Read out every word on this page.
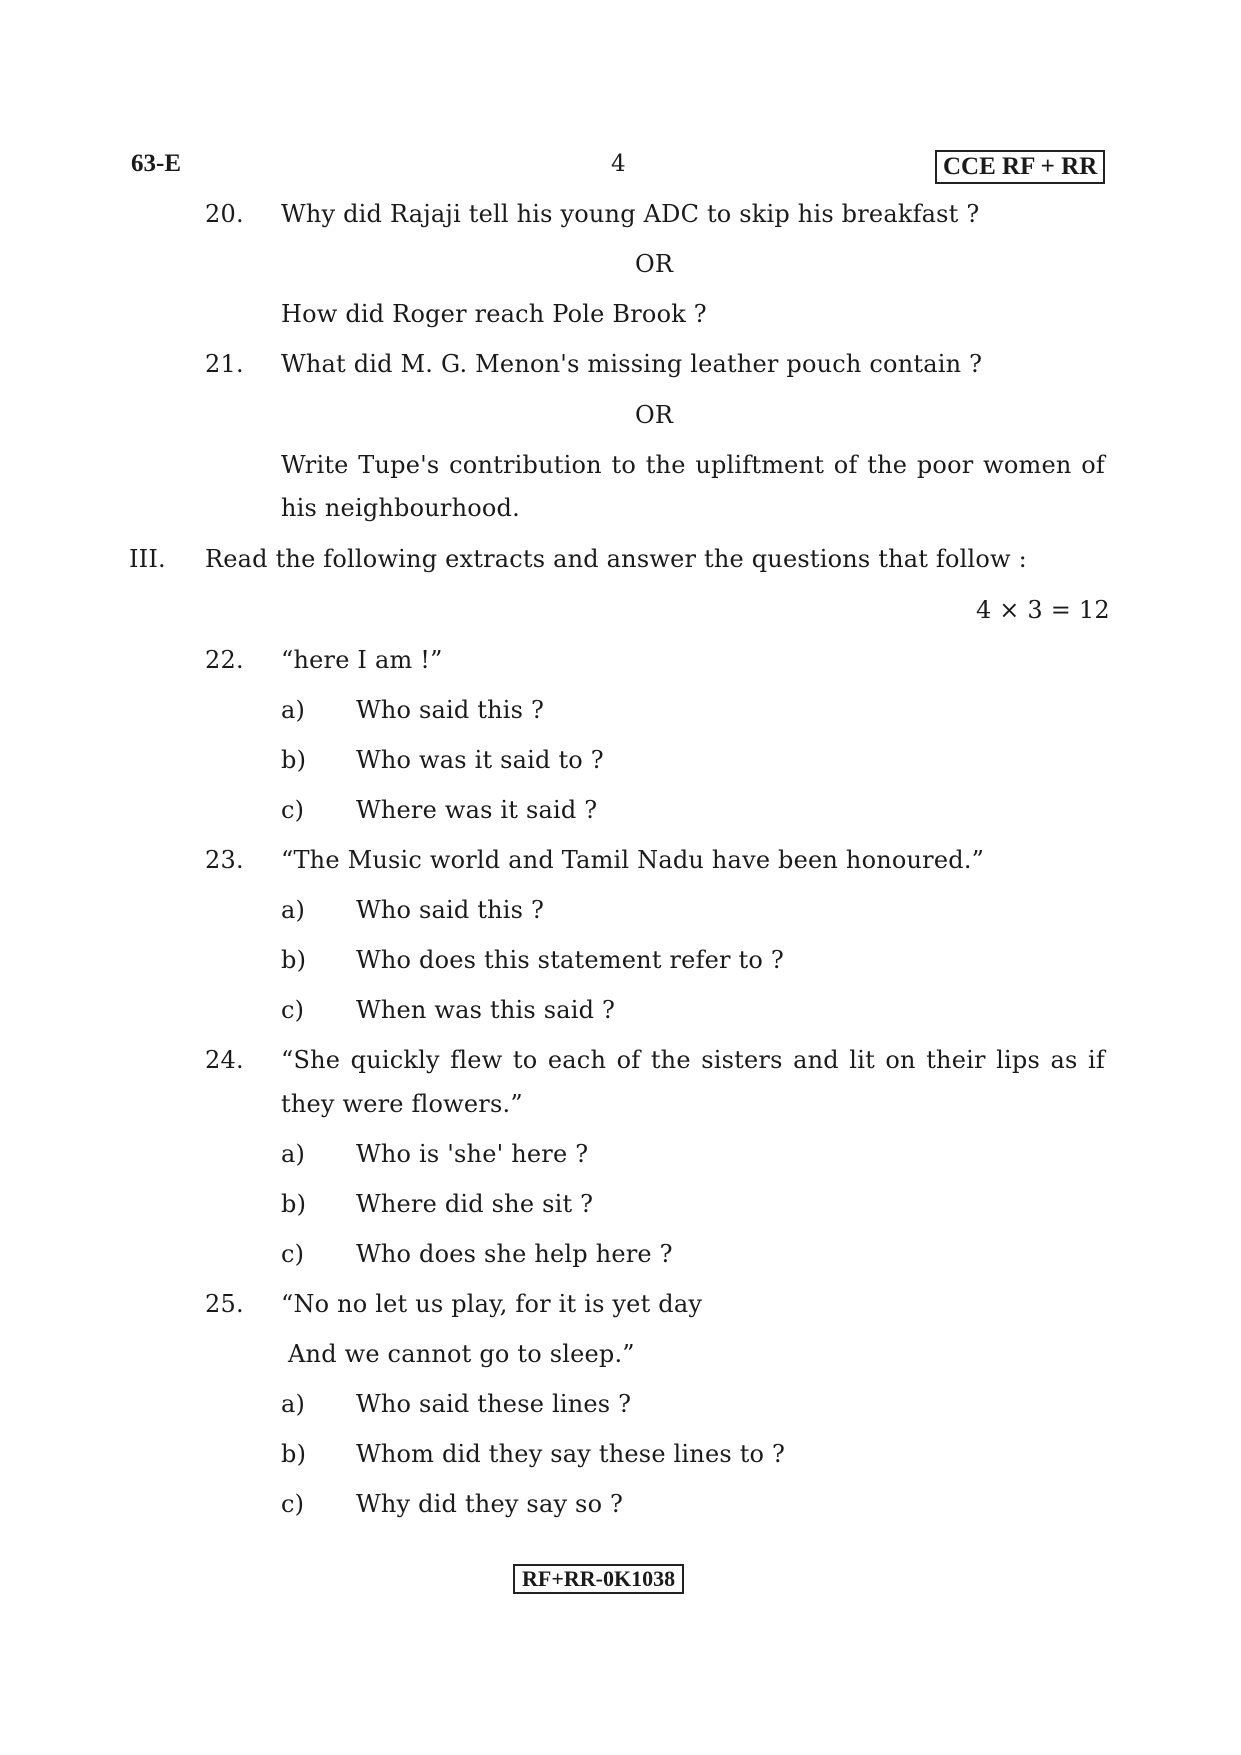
63-E	4	CCE RF + RR
20. Why did Rajaji tell his young ADC to skip his breakfast ?
OR
How did Roger reach Pole Brook ?
21. What did M. G. Menon's missing leather pouch contain ?
OR
Write Tupe's contribution to the upliftment of the poor women of
his neighbourhood.
III. Read the following extracts and answer the questions that follow :
4 × 3 = 12
22. “here I am !”
a) Who said this ?
b) Who was it said to ?
c) Where was it said ?
23. “The Music world and Tamil Nadu have been honoured.”
a) Who said this ?
b) Who does this statement refer to ?
c) When was this said ?
24. “She quickly flew to each of the sisters and lit on their lips as if
they were flowers.”
a) Who is 'she' here ?
b) Where did she sit ?
c) Who does she help here ?
25. “No no let us play, for it is yet day
And we cannot go to sleep.”
a) Who said these lines ?
b) Whom did they say these lines to ?
c) Why did they say so ?
RF+RR-0K1038
